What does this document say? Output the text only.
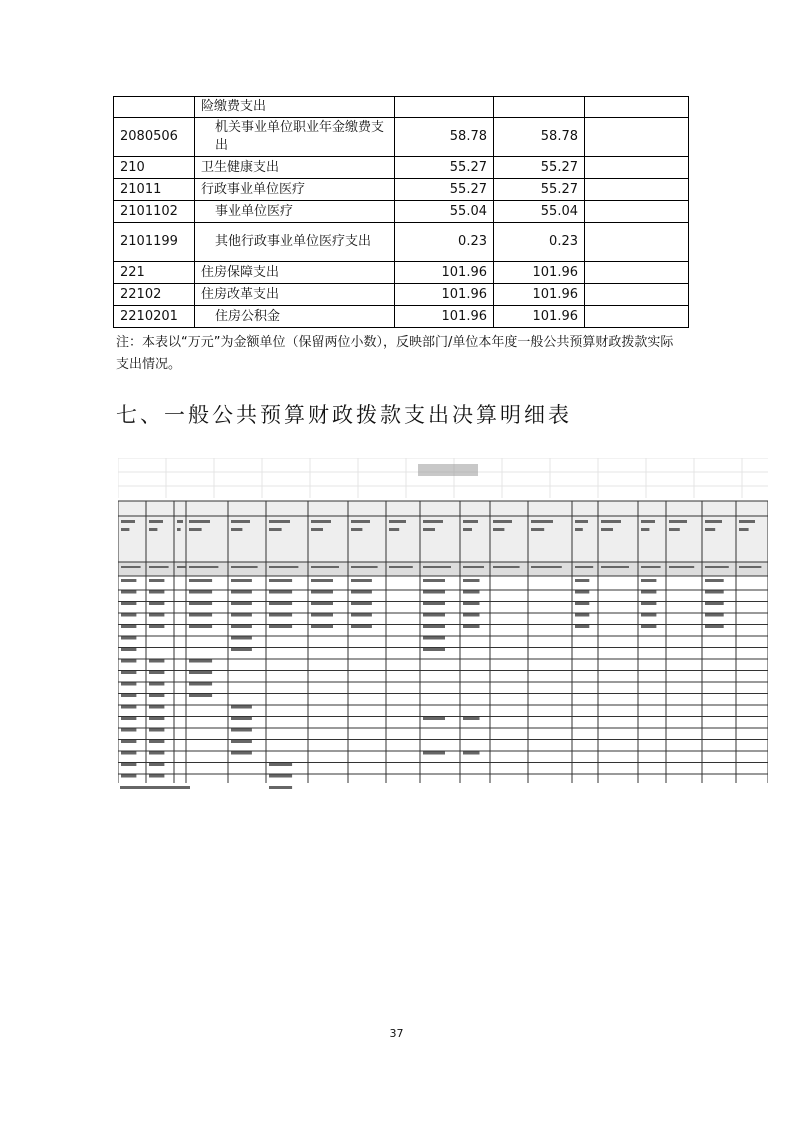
	险缴费支出			
2080506	机关事业单位职业年金缴费支出	58.78	58.78	
210	卫生健康支出	55.27	55.27	
21011	行政事业单位医疗	55.27	55.27	
2101102	事业单位医疗	55.04	55.04	
2101199	其他行政事业单位医疗支出	0.23	0.23	
221	住房保障支出	101.96	101.96	
22102	住房改革支出	101.96	101.96	
2210201	住房公积金	101.96	101.96	
注：本表以“万元”为金额单位（保留两位小数），反映部门/单位本年度一般公共预算财政拨款实际支出情况。
七、一般公共预算财政拨款支出决算明细表
37
